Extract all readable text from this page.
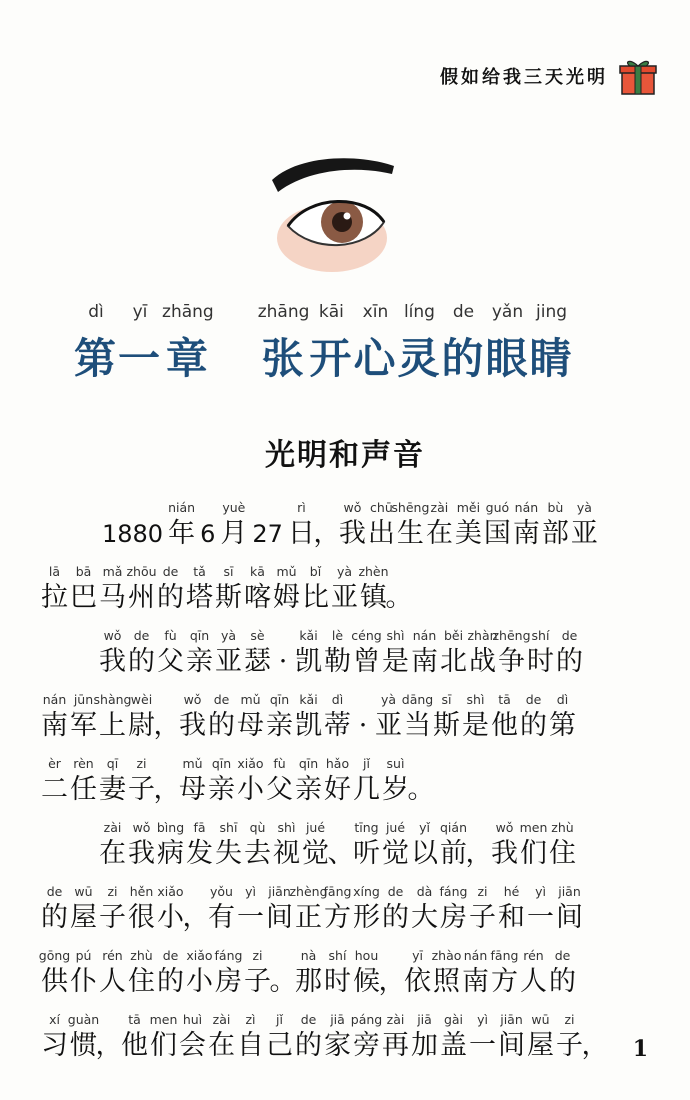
假如给我三天光明
dì
第
yī
一
zhāng
章

zhāng
张
kāi
开
xīn
心
líng
灵
de
的
yǎn
眼
jing
睛
光明和声音
1880
nián
年 6
yuè
月 27
rì
日
，
wǒ
我
chū
出
shēng
生
zài
在
měi
美
guó
国
nán
南
bù
部
yà
亚
lā
拉
bā
巴
mǎ
马
zhōu
州
de
的
tǎ
塔
sī
斯
kā
喀
mǔ
姆
bǐ
比
yà
亚
zhèn
镇
。
wǒ
我
de
的
fù
父
qīn
亲
yà
亚
sè
瑟 ·
kǎi
凯
lè
勒
céng
曾
shì
是
nán
南
běi
北
zhàn
战
zhēng
争
shí
时
de
的
nán
南
jūn
军
shàng
上
wèi
尉
，
wǒ
我
de
的
mǔ
母
qīn
亲
kǎi
凯
dì
蒂 ·
yà
亚
dāng
当
sī
斯
shì
是
tā
他
de
的
dì
第
èr
二
rèn
任
qī
妻
zi
子
，
mǔ
母
qīn
亲
xiǎo
小
fù
父
qīn
亲
hǎo
好
jǐ
几
suì
岁
。
zài
在
wǒ
我
bìng
病
fā
发
shī
失
qù
去
shì
视
jué
觉
、
tīng
听
jué
觉
yǐ
以
qián
前
，
wǒ
我
men
们
zhù
住
de
的
wū
屋
zi
子
hěn
很
xiǎo
小
，
yǒu
有
yì
一
jiān
间
zhèng
正
fāng
方
xíng
形
de
的
dà
大
fáng
房
zi
子
hé
和
yì
一
jiān
间
gōng
供
pú
仆
rén
人
zhù
住
de
的
xiǎo
小
fáng
房
zi
子
。
nà
那
shí
时
hou
候
，
yī
依
zhào
照
nán
南
fāng
方
rén
人
de
的
xí
习
guàn
惯
，
tā
他
men
们
huì
会
zài
在
zì
自
jǐ
己
de
的
jiā
家
páng
旁
zài
再
jiā
加
gài
盖
yì
一
jiān
间
wū
屋
zi
子
， 1
